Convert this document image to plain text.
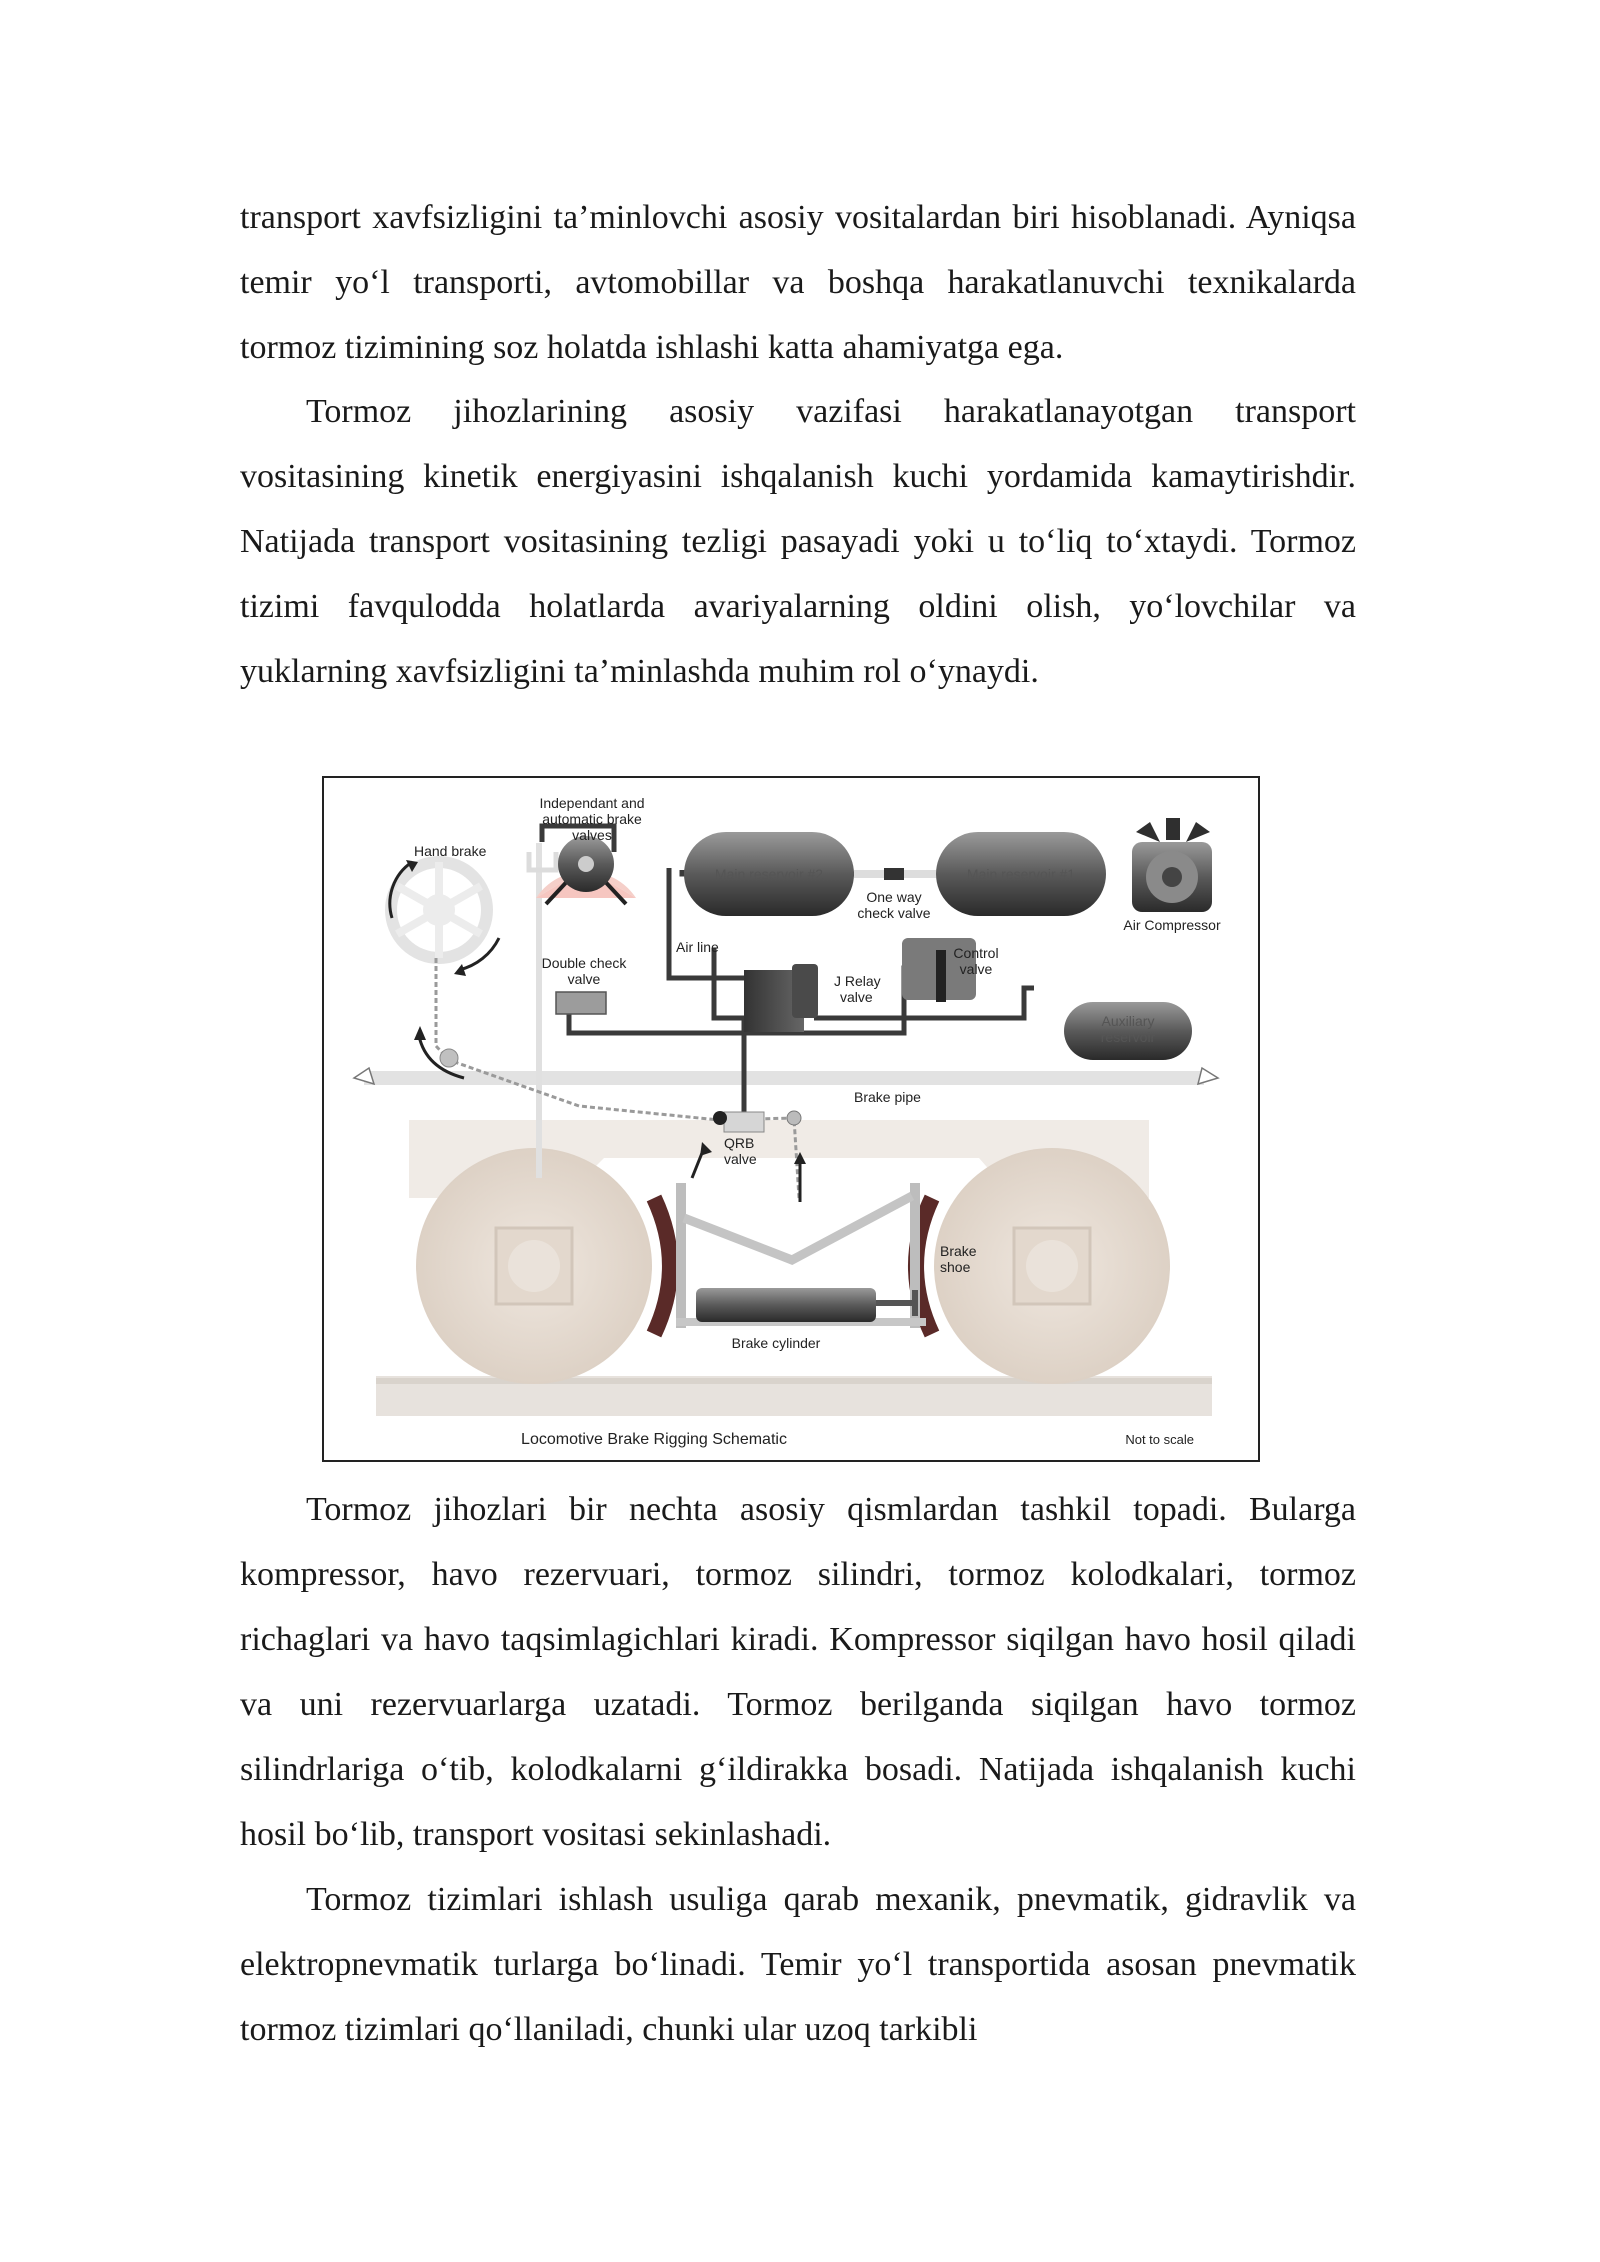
transport xavfsizligini ta’minlovchi asosiy vositalardan biri hisoblanadi. Ayniqsa temir yo‘l transporti, avtomobillar va boshqa harakatlanuvchi texnikalarda tormoz tizimining soz holatda ishlashi katta ahamiyatga ega.

Tormoz jihozlarining asosiy vazifasi harakatlanayotgan transport vositasining kinetik energiyasini ishqalanish kuchi yordamida kamaytirishdir. Natijada transport vositasining tezligi pasayadi yoki u to‘liq to‘xtaydi. Tormoz tizimi favqulodda holatlarda avariyalarning oldini olish, yo‘lovchilar va yuklarning xavfsizligini ta’minlashda muhim rol o‘ynaydi.

Hand brake
Independant and
automatic brake
valves
Main reservoir #2	Main reservoir #1
One way
check valve
Air Compressor
Air line
Double check
valve	J Relay
valve
Control
valve
Auxiliary
reservoir
Brake pipe
QRB
valve
Brake
shoe
Brake cylinder
Locomotive Brake Rigging Schematic	Not to scale

Tormoz jihozlari bir nechta asosiy qismlardan tashkil topadi. Bularga kompressor, havo rezervuari, tormoz silindri, tormoz kolodkalari, tormoz richaglari va havo taqsimlagichlari kiradi. Kompressor siqilgan havo hosil qiladi va uni rezervuarlarga uzatadi. Tormoz berilganda siqilgan havo tormoz silindrlariga o‘tib, kolodkalarni g‘ildirakka bosadi. Natijada ishqalanish kuchi hosil bo‘lib, transport vositasi sekinlashadi.

Tormoz tizimlari ishlash usuliga qarab mexanik, pnevmatik, gidravlik va elektropnevmatik turlarga bo‘linadi. Temir yo‘l transportida asosan pnevmatik tormoz tizimlari qo‘llaniladi, chunki ular uzoq tarkibli
